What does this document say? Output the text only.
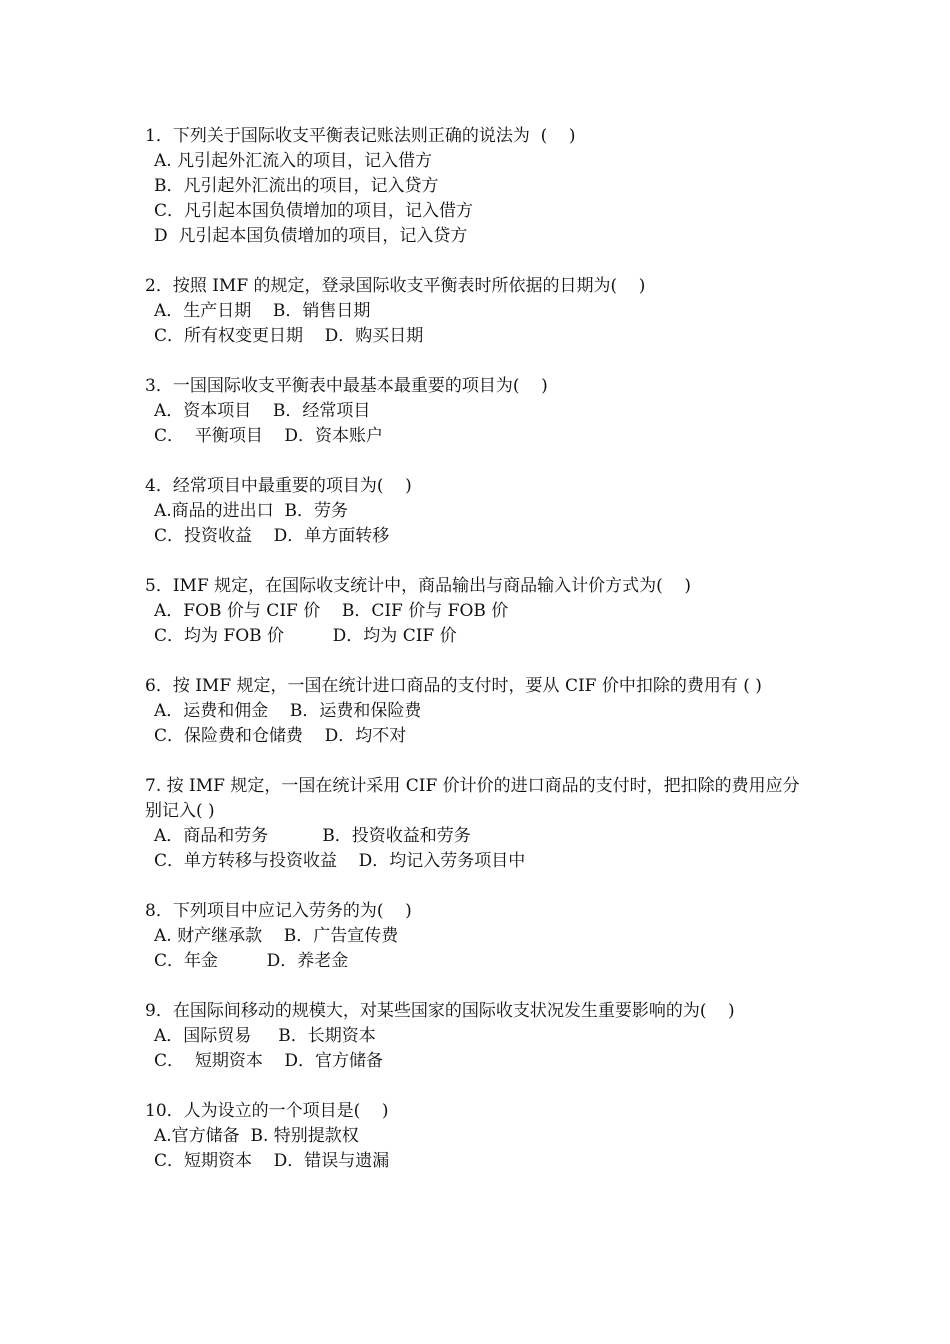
1．下列关于国际收支平衡表记账法则正确的说法为  (    )
A. 凡引起外汇流入的项目，记入借方
B．凡引起外汇流出的项目，记入贷方
C．凡引起本国负债增加的项目，记入借方
D  凡引起本国负债增加的项目，记入贷方
2．按照 IMF 的规定，登录国际收支平衡表时所依据的日期为(    )
A．生产日期    B．销售日期
C．所有权变更日期    D．购买日期
3．一国国际收支平衡表中最基本最重要的项目为(    )
A．资本项目    B．经常项目
C．  平衡项目    D．资本账户
4．经常项目中最重要的项目为(    )
A.商品的进出口  B．劳务
C．投资收益    D．单方面转移
5．IMF 规定，在国际收支统计中，商品输出与商品输入计价方式为(    )
A．FOB 价与 CIF 价    B．CIF 价与 FOB 价
C．均为 FOB 价         D．均为 CIF 价
6．按 IMF 规定，一国在统计进口商品的支付时，要从 CIF 价中扣除的费用有 ( )
A．运费和佣金    B．运费和保险费
C．保险费和仓储费    D．均不对
7. 按 IMF 规定，一国在统计采用 CIF 价计价的进口商品的支付时，把扣除的费用应分别记入( )
A．商品和劳务          B．投资收益和劳务
C．单方转移与投资收益    D．均记入劳务项目中
8．下列项目中应记入劳务的为(    )
A. 财产继承款    B．广告宣传费
C．年金         D．养老金
9．在国际间移动的规模大，对某些国家的国际收支状况发生重要影响的为(    )
A．国际贸易     B．长期资本
C．  短期资本    D．官方储备
10．人为设立的一个项目是(    )
A.官方储备  B. 特别提款权
C．短期资本    D．错误与遗漏
